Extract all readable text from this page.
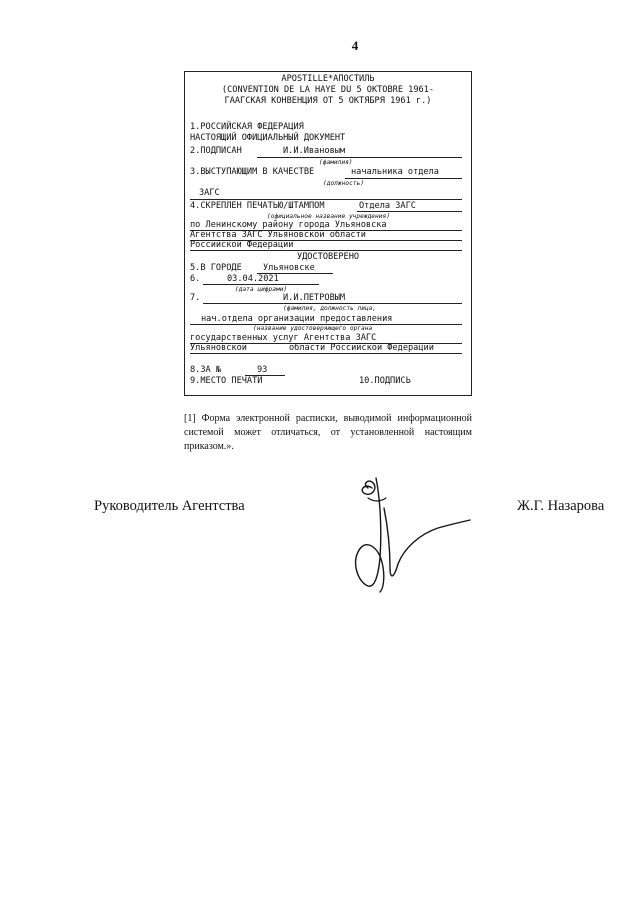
4
APOSTILLE*АПОСТИЛЬ
(CONVENTION DE LA HAYE DU 5 OKTOBRE 1961-
ГААГСКАЯ КОНВЕНЦИЯ ОТ 5 ОКТЯБРЯ 1961 г.)
1.РОССИЙСКАЯ ФЕДЕРАЦИЯ
НАСТОЯЩИЙ ОФИЦИАЛЬНЫЙ ДОКУМЕНТ
2.ПОДПИСАН	И.И.Ивановым
(фамилия)
3.ВЫСТУПАЮЩИМ В КАЧЕСТВЕ	начальника отдела
(должность)
ЗАГС
4.СКРЕПЛЕН ПЕЧАТЬЮ/ШТАМПОМ	Отдела ЗАГС
(официальное название учреждения)
по Ленинскому району города Ульяновска
Агентства ЗАГС Ульяновской области
Российской Федерации
УДОСТОВЕРЕНО
5.В ГОРОДЕ Ульяновске
6.	03.04.2021
(дата цифрами)
7.	И.И.ПЕТРОВЫМ
(фамилия, должность лица,
нач.отдела организации предоставления
(название удостоверяющего органа
государственных услуг Агентства ЗАГС
Ульяновской	области Российской Федерации
8.ЗА №	93
9.МЕСТО ПЕЧАТИ	10.ПОДПИСЬ

[1] Форма электронной расписки, выводимой информационной системой может отличаться, от установленной настоящим приказом.».

Руководитель Агентства	Ж.Г. Назарова
